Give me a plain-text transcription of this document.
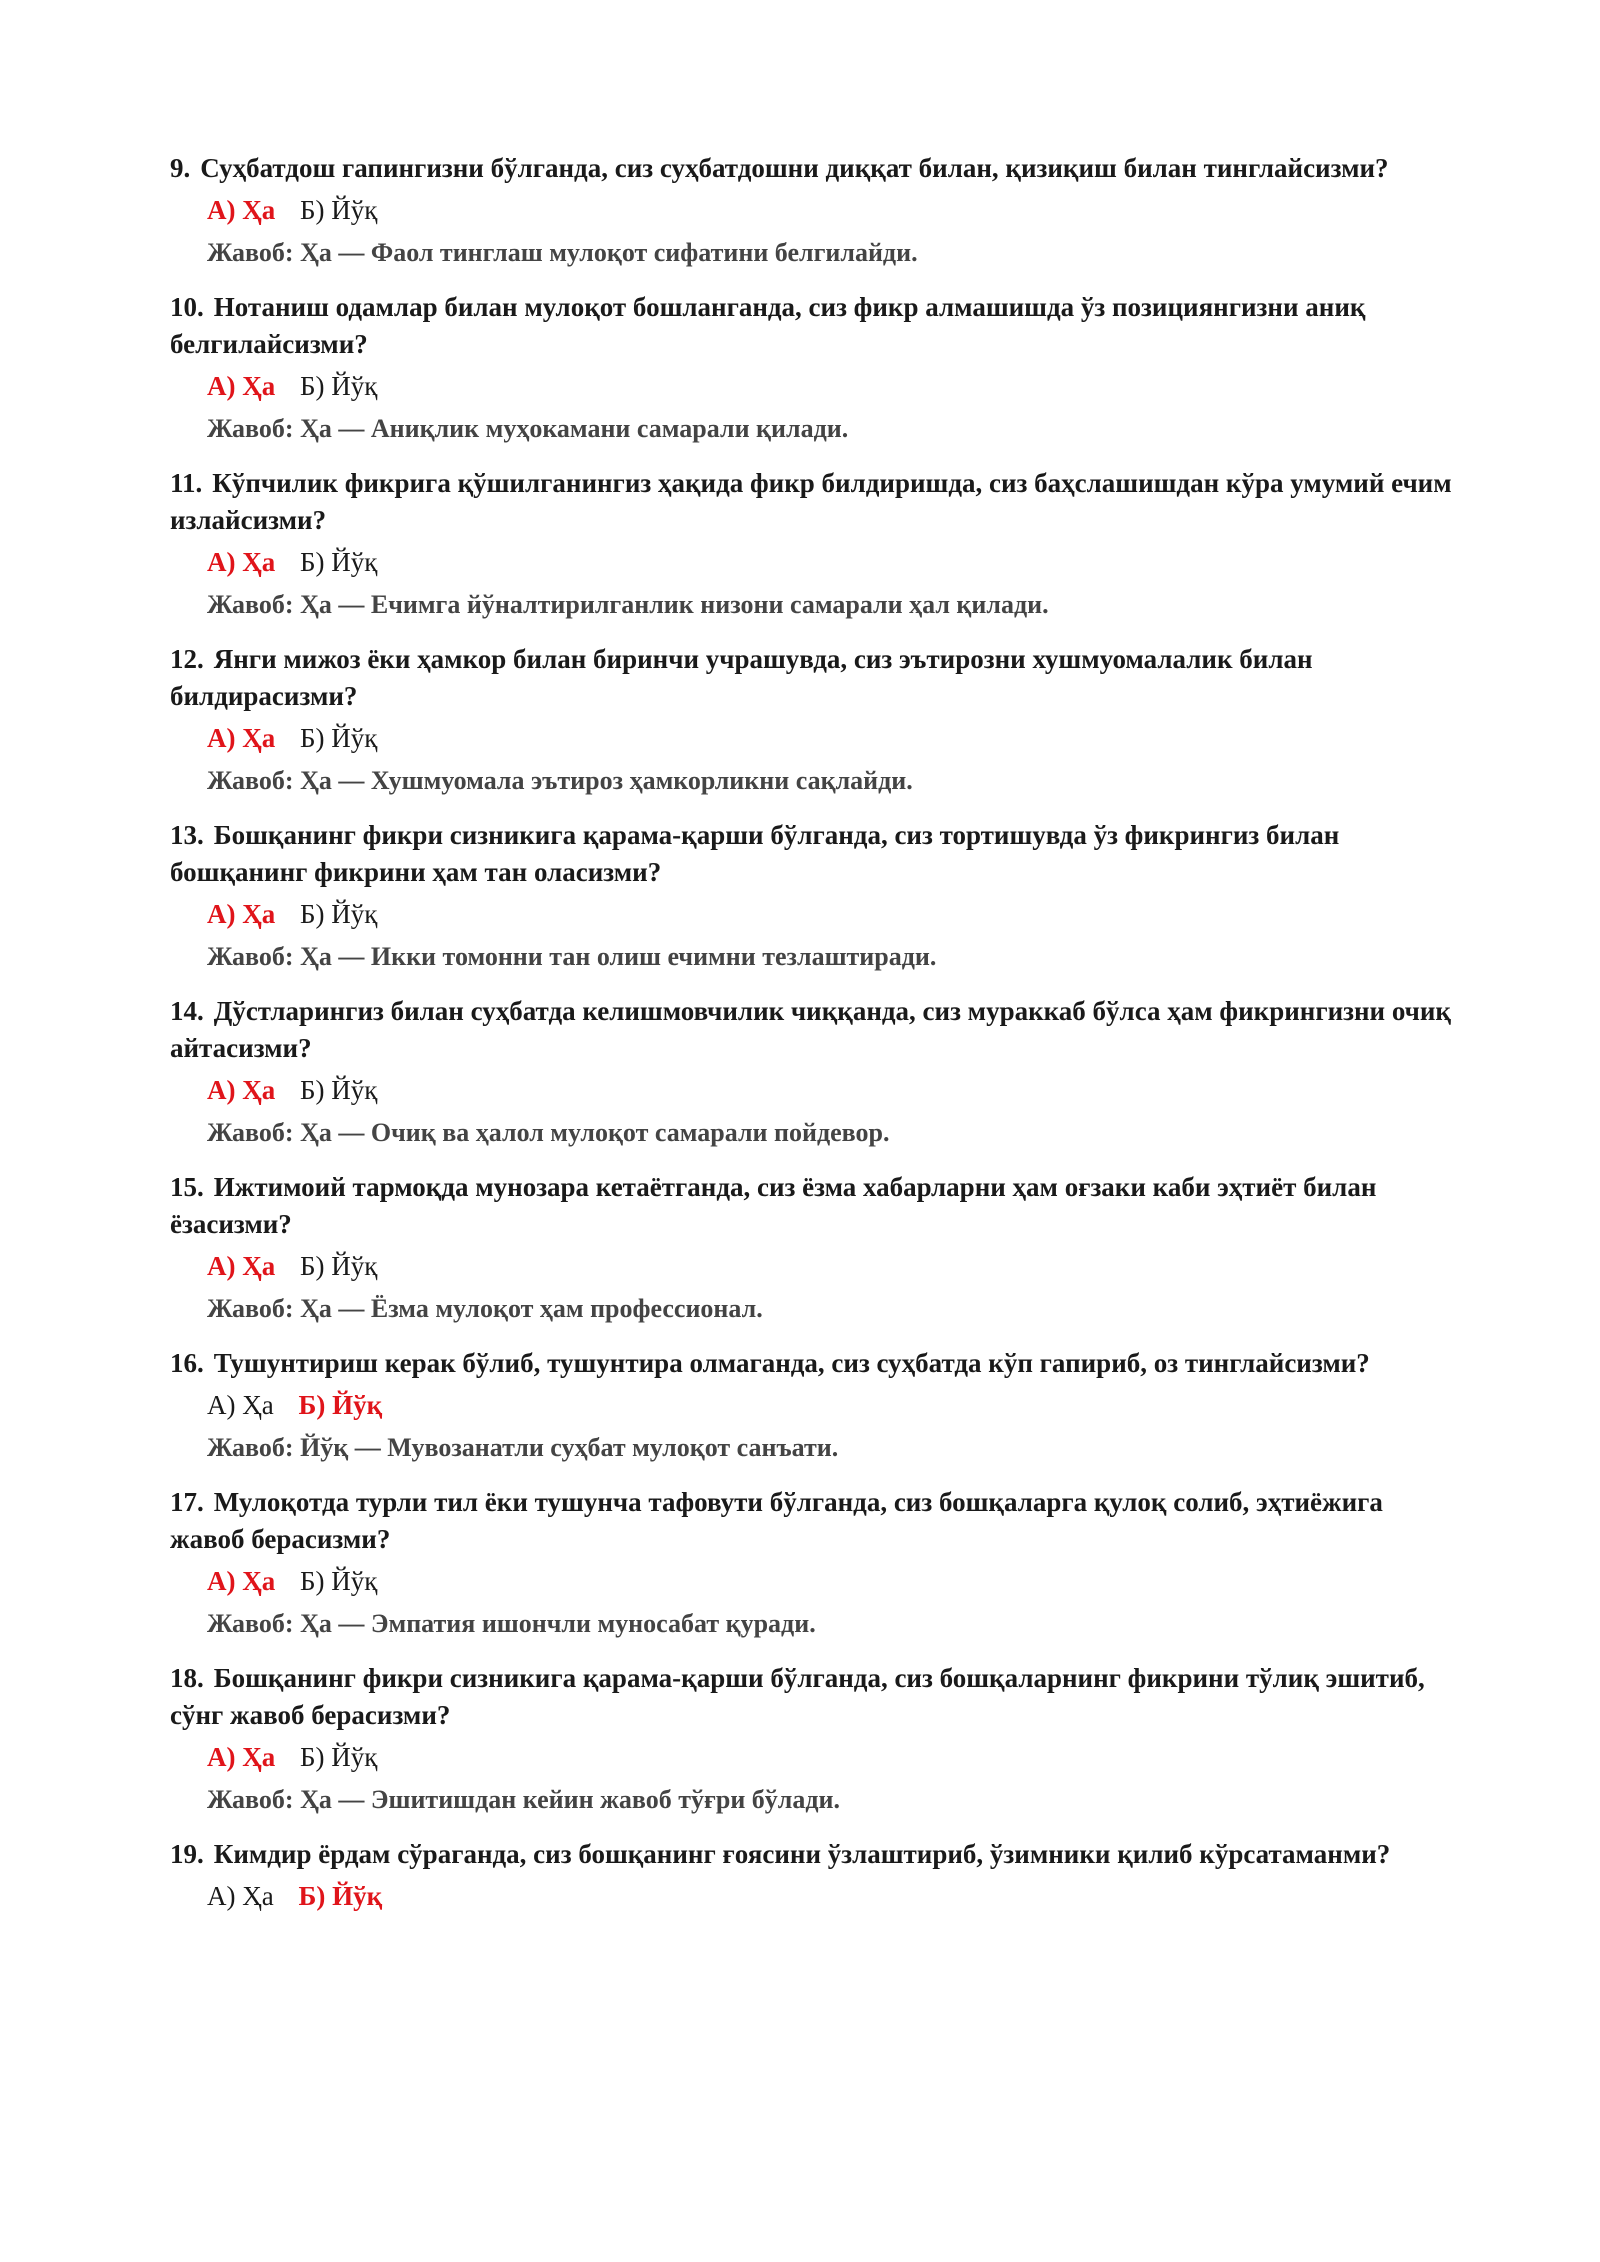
9. Суҳбатдош гапингизни бўлганда, сиз суҳбатдошни диққат билан, қизиқиш билан тинглайсизми?

А) Ҳа Б) Йўқ
Жавоб: Ҳа — Фаол тинглаш мулоқот сифатини белгилайди.

10. Нотаниш одамлар билан мулоқот бошланганда, сиз фикр алмашишда ўз позициянгизни аниқ белгилайсизми?

А) Ҳа Б) Йўқ
Жавоб: Ҳа — Аниқлик муҳокамани самарали қилади.

11. Кўпчилик фикрига қўшилганингиз ҳақида фикр билдиришда, сиз баҳслашишдан кўра умумий ечим излайсизми?

А) Ҳа Б) Йўқ
Жавоб: Ҳа — Ечимга йўналтирилганлик низони самарали ҳал қилади.

12. Янги мижоз ёки ҳамкор билан биринчи учрашувда, сиз эътирозни хушмуомалалик билан билдирасизми?

А) Ҳа Б) Йўқ
Жавоб: Ҳа — Хушмуомала эътироз ҳамкорликни сақлайди.

13. Бошқанинг фикри сизникига қарама-қарши бўлганда, сиз тортишувда ўз фикрингиз билан бошқанинг фикрини ҳам тан оласизми?

А) Ҳа Б) Йўқ
Жавоб: Ҳа — Икки томонни тан олиш ечимни тезлаштиради.

14. Дўстларингиз билан суҳбатда келишмовчилик чиққанда, сиз мураккаб бўлса ҳам фикрингизни очиқ айтасизми?

А) Ҳа Б) Йўқ
Жавоб: Ҳа — Очиқ ва ҳалол мулоқот самарали пойдевор.

15. Ижтимоий тармоқда мунозара кетаётганда, сиз ёзма хабарларни ҳам оғзаки каби эҳтиёт билан ёзасизми?

А) Ҳа Б) Йўқ
Жавоб: Ҳа — Ёзма мулоқот ҳам профессионал.

16. Тушунтириш керак бўлиб, тушунтира олмаганда, сиз суҳбатда кўп гапириб, оз тинглайсизми?

А) Ҳа Б) Йўқ
Жавоб: Йўқ — Мувозанатли суҳбат мулоқот санъати.

17. Мулоқотда турли тил ёки тушунча тафовути бўлганда, сиз бошқаларга қулоқ солиб, эҳтиёжига жавоб берасизми?

А) Ҳа Б) Йўқ
Жавоб: Ҳа — Эмпатия ишончли муносабат қуради.

18. Бошқанинг фикри сизникига қарама-қарши бўлганда, сиз бошқаларнинг фикрини тўлиқ эшитиб, сўнг жавоб берасизми?

А) Ҳа Б) Йўқ
Жавоб: Ҳа — Эшитишдан кейин жавоб тўғри бўлади.

19. Кимдир ёрдам сўраганда, сиз бошқанинг ғоясини ўзлаштириб, ўзимники қилиб кўрсатаманми?

А) Ҳа Б) Йўқ
